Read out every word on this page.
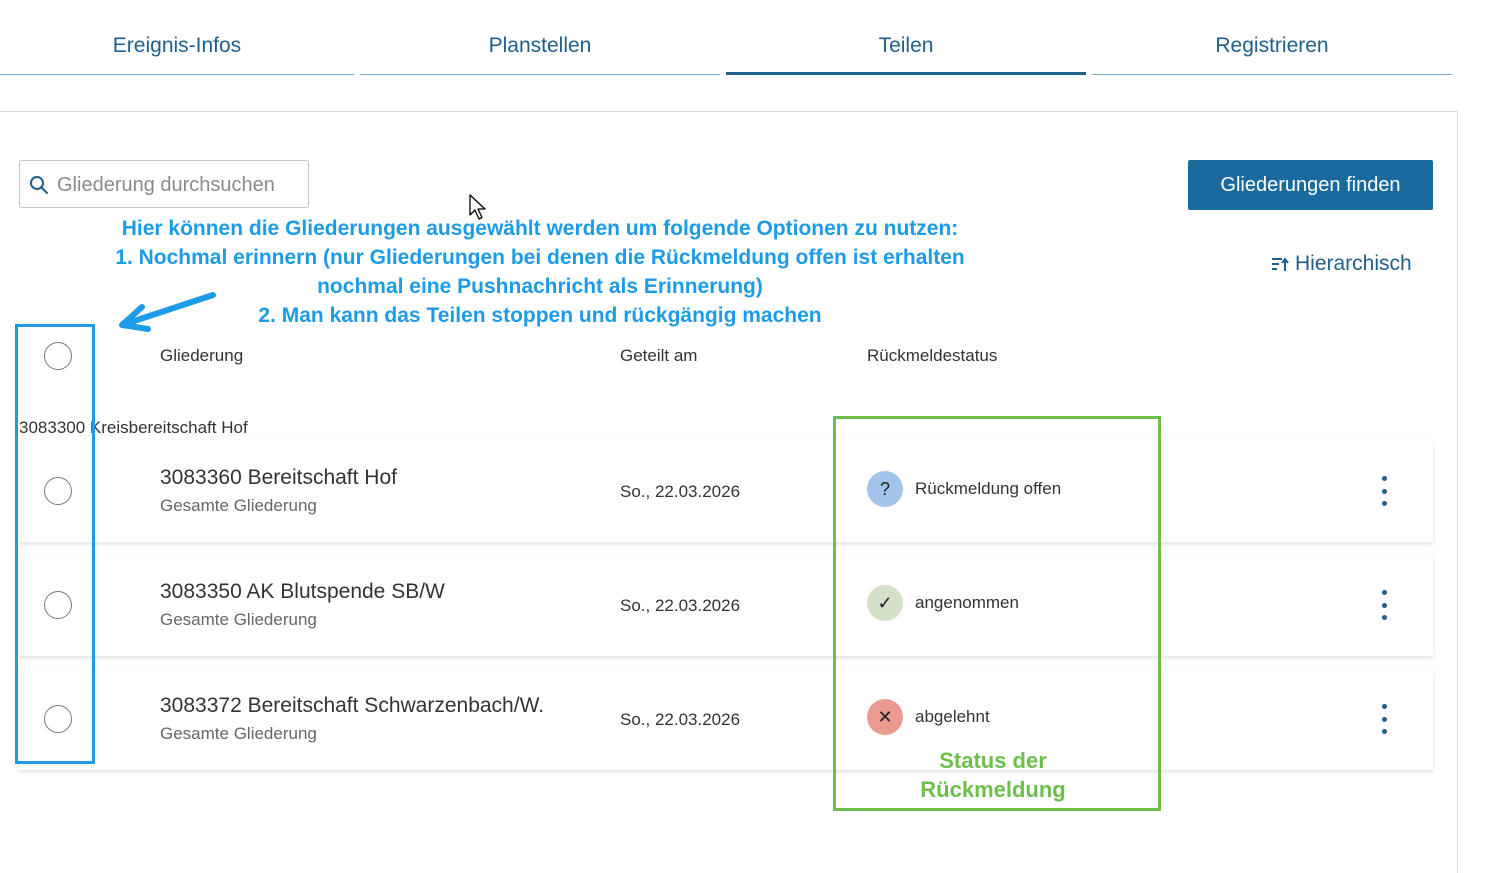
Ereignis-Infos	Planstellen	Teilen	Registrieren
Gliederung durchsuchen
Gliederungen finden
Hierarchisch
Hier können die Gliederungen ausgewählt werden um folgende Optionen zu nutzen:
1. Nochmal erinnern (nur Gliederungen bei denen die Rückmeldung offen ist erhalten
nochmal eine Pushnachricht als Erinnerung)
2. Man kann das Teilen stoppen und rückgängig machen
Gliederung	Geteilt am	Rückmeldestatus
3083300 Kreisbereitschaft Hof
3083360 Bereitschaft Hof
Gesamte Gliederung
So., 22.03.2026	?	Rückmeldung offen
3083350 AK Blutspende SB/W
Gesamte Gliederung
So., 22.03.2026	✓	angenommen
3083372 Bereitschaft Schwarzenbach/W.
Gesamte Gliederung
So., 22.03.2026	✕	abgelehnt
Status der
Rückmeldung
